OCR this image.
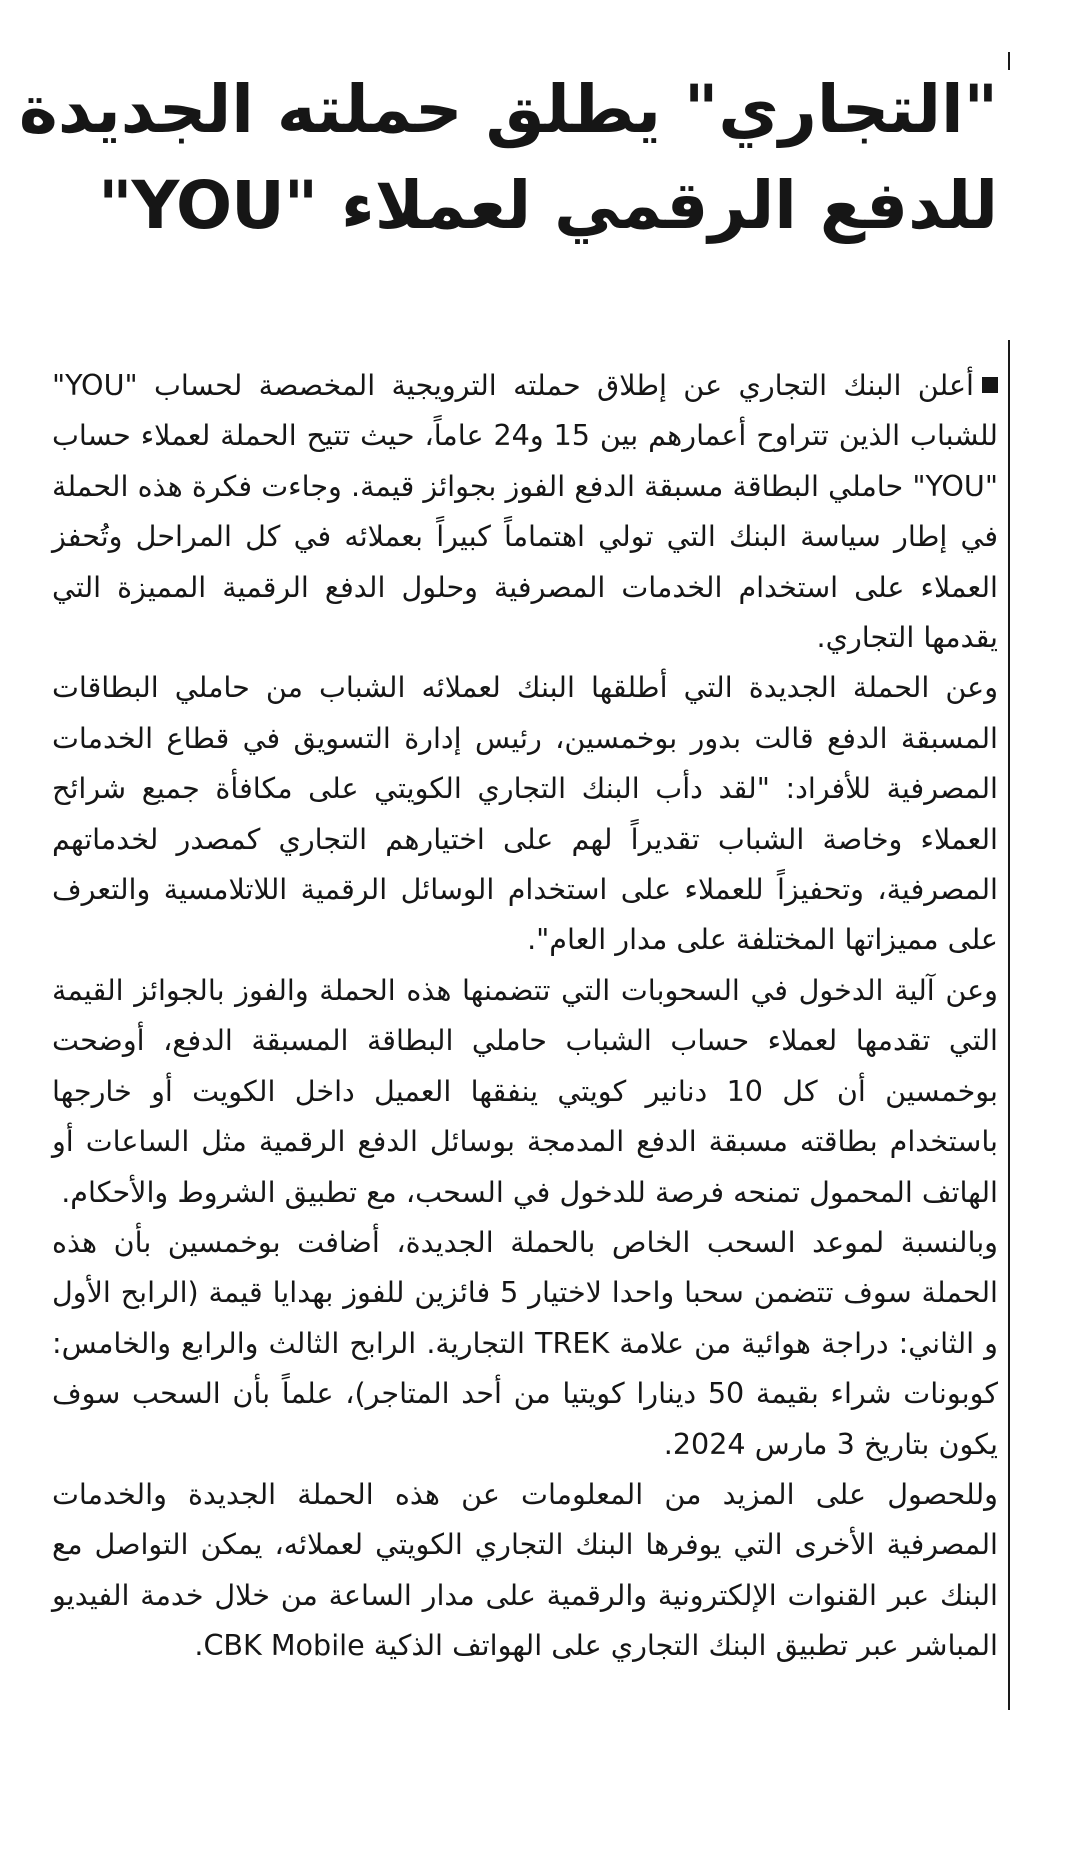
"التجاري" يطلق حملته الجديدة
للدفع الرقمي لعملاء "YOU"

أعلن البنك التجاري عن إطلاق حملته الترويجية المخصصة لحساب "YOU" للشباب الذين تتراوح أعمارهم بين 15 و24 عاماً، حيث تتيح الحملة لعملاء حساب "YOU" حاملي البطاقة مسبقة الدفع الفوز بجوائز قيمة. وجاءت فكرة هذه الحملة في إطار سياسة البنك التي تولي اهتماماً كبيراً بعملائه في كل المراحل وتُحفز العملاء على استخدام الخدمات المصرفية وحلول الدفع الرقمية المميزة التي يقدمها التجاري.

وعن الحملة الجديدة التي أطلقها البنك لعملائه الشباب من حاملي البطاقات المسبقة الدفع قالت بدور بوخمسين، رئيس إدارة التسويق في قطاع الخدمات المصرفية للأفراد: "لقد دأب البنك التجاري الكويتي على مكافأة جميع شرائح العملاء وخاصة الشباب تقديراً لهم على اختيارهم التجاري كمصدر لخدماتهم المصرفية، وتحفيزاً للعملاء على استخدام الوسائل الرقمية اللاتلامسية والتعرف على مميزاتها المختلفة على مدار العام".

وعن آلية الدخول في السحوبات التي تتضمنها هذه الحملة والفوز بالجوائز القيمة التي تقدمها لعملاء حساب الشباب حاملي البطاقة المسبقة الدفع، أوضحت بوخمسين أن كل 10 دنانير كويتي ينفقها العميل داخل الكويت أو خارجها باستخدام بطاقته مسبقة الدفع المدمجة بوسائل الدفع الرقمية مثل الساعات أو الهاتف المحمول تمنحه فرصة للدخول في السحب، مع تطبيق الشروط والأحكام.

وبالنسبة لموعد السحب الخاص بالحملة الجديدة، أضافت بوخمسين بأن هذه الحملة سوف تتضمن سحبا واحدا لاختيار 5 فائزين للفوز بهدايا قيمة (الرابح الأول و الثاني: دراجة هوائية من علامة TREK التجارية. الرابح الثالث والرابع والخامس: كوبونات شراء بقيمة 50 دينارا كويتيا من أحد المتاجر)، علماً بأن السحب سوف يكون بتاريخ 3 مارس 2024.

وللحصول على المزيد من المعلومات عن هذه الحملة الجديدة والخدمات المصرفية الأخرى التي يوفرها البنك التجاري الكويتي لعملائه، يمكن التواصل مع البنك عبر القنوات الإلكترونية والرقمية على مدار الساعة من خلال خدمة الفيديو المباشر عبر تطبيق البنك التجاري على الهواتف الذكية CBK Mobile.
